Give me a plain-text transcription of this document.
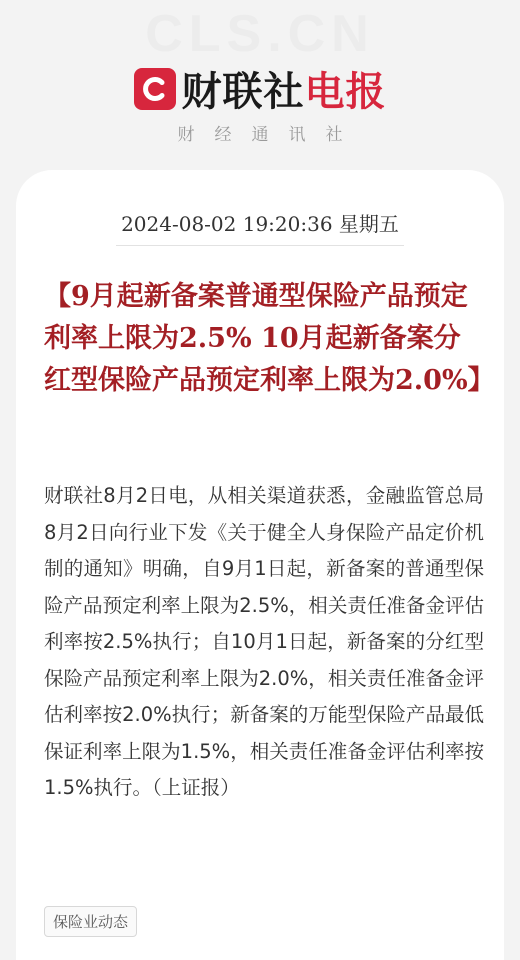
CLS.CN
财联社电报
财经通讯社
2024-08-02 19:20:36 星期五
【9月起新备案普通型保险产品预定利率上限为2.5% 10月起新备案分红型保险产品预定利率上限为2.0%】

财联社8月2日电，从相关渠道获悉，金融监管总局8月2日向行业下发《关于健全人身保险产品定价机制的通知》明确，自9月1日起，新备案的普通型保险产品预定利率上限为2.5%，相关责任准备金评估利率按2.5%执行；自10月1日起，新备案的分红型保险产品预定利率上限为2.0%，相关责任准备金评估利率按2.0%执行；新备案的万能型保险产品最低保证利率上限为1.5%，相关责任准备金评估利率按1.5%执行。（上证报）

保险业动态
